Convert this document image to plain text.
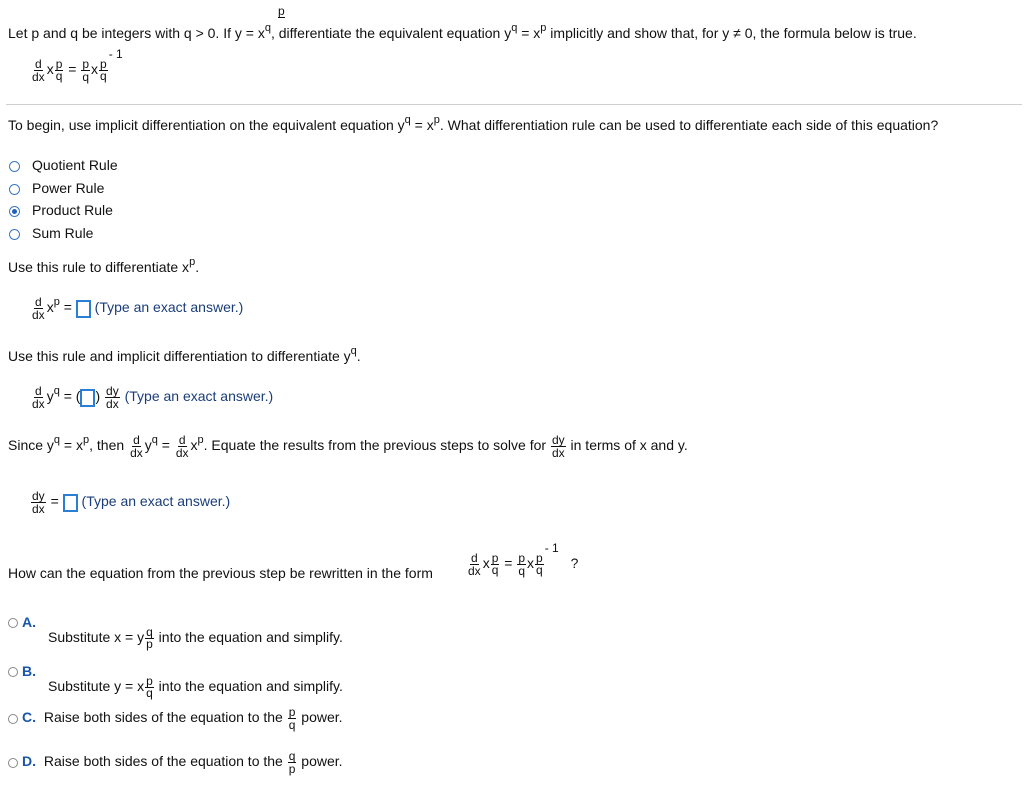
Let p and q be integers with q > 0. If $y = x^q$, differentiate the equivalent equation $y^q = x^p$ implicitly and show that, for y ≠ 0, the formula below is true.
p
$\frac{d}{dx}$ x $\frac{p}{q} = \frac{p}{q}$ x $\frac{p}{q}$
- 1
To begin, use implicit differentiation on the equivalent equation $y^q = x^p$. What differentiation rule can be used to differentiate each side of this equation?
Quotient Rule
Power Rule
Product Rule
Sum Rule
Use this rule to differentiate $x^p$.
$\frac{d}{dx} x^p$ = (Type an exact answer.)
Use this rule and implicit differentiation to differentiate $y^q$.
$\frac{d}{dx} y^q$ = ( ) $\frac{dy}{dx}$ (Type an exact answer.)
Since $y^q = x^p$, then $\frac{d}{dx} y^q = \frac{d}{dx} x^p$. Equate the results from the previous steps to solve for $\frac{dy}{dx}$ in terms of x and y.
$\frac{dy}{dx}$ = (Type an exact answer.)
How can the equation from the previous step be rewritten in the form	$\frac{d}{dx}$ x $\frac{p}{q} = \frac{p}{q}$ x $\frac{p}{q}$
- 1 ?
A.
Substitute x = y $\frac{q}{p}$ into the equation and simplify.
B.
Substitute y = x $\frac{p}{q}$ into the equation and simplify.
C. Raise both sides of the equation to the $\frac{p}{q}$ power.
D. Raise both sides of the equation to the $\frac{q}{p}$ power.
